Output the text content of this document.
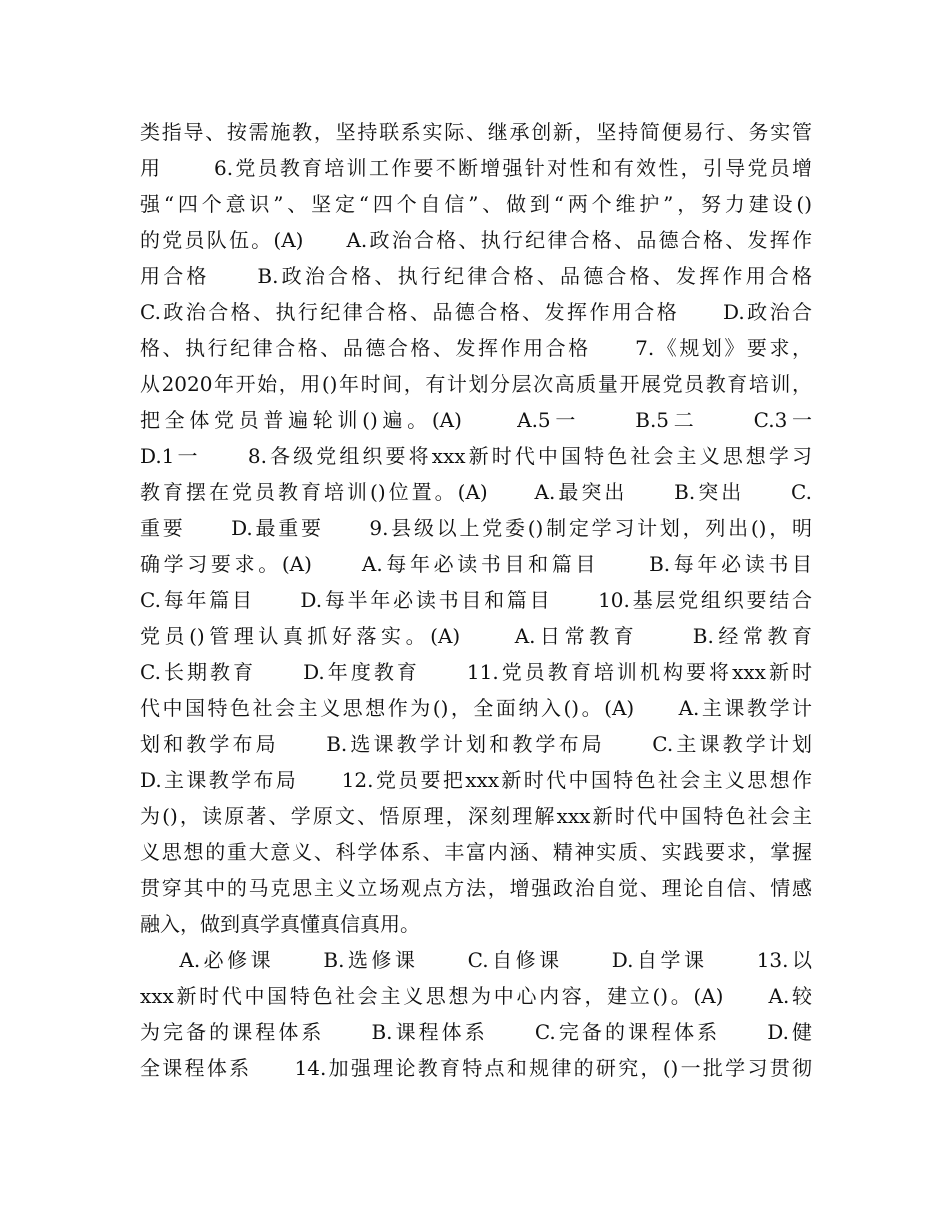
类指导、按需施教，坚持联系实际、继承创新，坚持简便易行、务实管
用      6.党员教育培训工作要不断增强针对性和有效性，引导党员增
强“四个意识”、坚定“四个自信”、做到“两个维护”，努力建设()
的党员队伍。(A)     A.政治合格、执行纪律合格、品德合格、发挥作
用合格     B.政治合格、执行纪律合格、品德合格、发挥作用合格
C.政治合格、执行纪律合格、品德合格、发挥作用合格     D.政治合
格、执行纪律合格、品德合格、发挥作用合格     7.《规划》要求，
从2020年开始，用()年时间，有计划分层次高质量开展党员教育培训，
把全体党员普遍轮训()遍。(A)     A.5一     B.5二     C.3一
D.1一     8.各级党组织要将xxx新时代中国特色社会主义思想学习
教育摆在党员教育培训()位置。(A)     A.最突出     B.突出     C.
重要     D.最重要     9.县级以上党委()制定学习计划，列出()，明
确学习要求。(A)     A.每年必读书目和篇目     B.每年必读书目
C.每年篇目     D.每半年必读书目和篇目     10.基层党组织要结合
党员()管理认真抓好落实。(A)     A.日常教育     B.经常教育
C.长期教育     D.年度教育     11.党员教育培训机构要将xxx新时
代中国特色社会主义思想作为()，全面纳入()。(A)     A.主课教学计
划和教学布局     B.选课教学计划和教学布局     C.主课教学计划
D.主课教学布局     12.党员要把xxx新时代中国特色社会主义思想作
为()，读原著、学原文、悟原理，深刻理解xxx新时代中国特色社会主
义思想的重大意义、科学体系、丰富内涵、精神实质、实践要求，掌握
贯穿其中的马克思主义立场观点方法，增强政治自觉、理论自信、情感
融入，做到真学真懂真信真用。
A.必修课     B.选修课     C.自修课     D.自学课     13.以
xxx新时代中国特色社会主义思想为中心内容，建立()。(A)     A.较
为完备的课程体系     B.课程体系     C.完备的课程体系     D.健
全课程体系     14.加强理论教育特点和规律的研究，()一批学习贯彻
